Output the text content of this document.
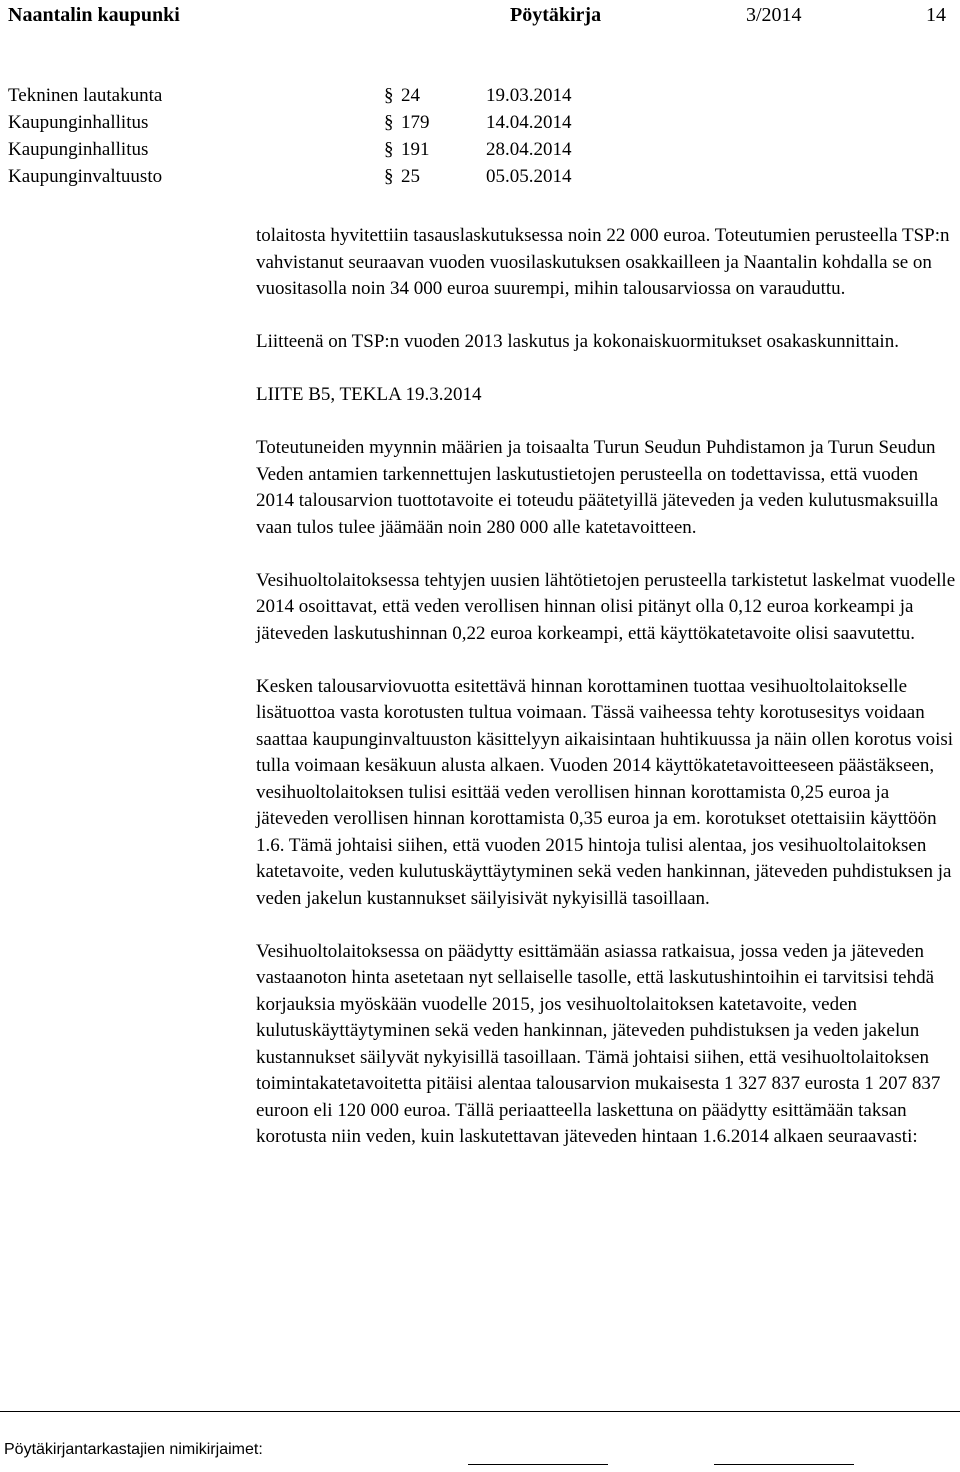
Naantalin kaupunki	Pöytäkirja	3/2014	14
Tekninen lautakunta	§ 24	19.03.2014
Kaupunginhallitus	§ 179	14.04.2014
Kaupunginhallitus	§ 191	28.04.2014
Kaupunginvaltuusto	§ 25	05.05.2014

tolaitosta hyvitettiin tasauslaskutuksessa noin 22 000 euroa. Toteutumien perusteella TSP:n vahvistanut seuraavan vuoden vuosilaskutuksen osakkailleen ja Naantalin kohdalla se on vuositasolla noin 34 000 euroa suurempi, mihin talousarviossa on varauduttu.

Liitteenä on TSP:n vuoden 2013 laskutus ja kokonaiskuormitukset osakaskunnittain.

LIITE B5, TEKLA 19.3.2014

Toteutuneiden myynnin määrien ja toisaalta Turun Seudun Puhdistamon ja Turun Seudun Veden antamien tarkennettujen laskutustietojen perusteella on todettavissa, että vuoden 2014 talousarvion tuottotavoite ei toteudu päätetyillä jäteveden ja veden kulutusmaksuilla vaan tulos tulee jäämään noin 280 000 alle katetavoitteen.

Vesihuoltolaitoksessa tehtyjen uusien lähtötietojen perusteella tarkistetut laskelmat vuodelle 2014 osoittavat, että veden verollisen hinnan olisi pitänyt olla 0,12 euroa korkeampi ja jäteveden laskutushinnan 0,22 euroa korkeampi, että käyttökatetavoite olisi saavutettu.

Kesken talousarviovuotta esitettävä hinnan korottaminen tuottaa vesihuoltolaitokselle lisätuottoa vasta korotusten tultua voimaan. Tässä vaiheessa tehty korotusesitys voidaan saattaa kaupunginvaltuuston käsittelyyn aikaisintaan huhtikuussa ja näin ollen korotus voisi tulla voimaan kesäkuun alusta alkaen. Vuoden 2014 käyttökatetavoitteeseen päästäkseen, vesihuoltolaitoksen tulisi esittää veden verollisen hinnan korottamista 0,25 euroa ja jäteveden verollisen hinnan korottamista 0,35 euroa ja em. korotukset otettaisiin käyttöön 1.6. Tämä johtaisi siihen, että vuoden 2015 hintoja tulisi alentaa, jos vesihuoltolaitoksen katetavoite, veden kulutuskäyttäytyminen sekä veden hankinnan, jäteveden puhdistuksen ja veden jakelun kustannukset säilyisivät nykyisillä tasoillaan.

Vesihuoltolaitoksessa on päädytty esittämään asiassa ratkaisua, jossa veden ja jäteveden vastaanoton hinta asetetaan nyt sellaiselle tasolle, että laskutushintoihin ei tarvitsisi tehdä korjauksia myöskään vuodelle 2015, jos vesihuoltolaitoksen katetavoite, veden kulutuskäyttäytyminen sekä veden hankinnan, jäteveden puhdistuksen ja veden jakelun kustannukset säilyvät nykyisillä tasoillaan. Tämä johtaisi siihen, että vesihuoltolaitoksen toimintakatetavoitetta pitäisi alentaa talousarvion mukaisesta 1 327 837 eurosta 1 207 837 euroon eli 120 000 euroa. Tällä periaatteella laskettuna on päädytty esittämään taksan korotusta niin veden, kuin laskutettavan jäteveden hintaan 1.6.2014 alkaen seuraavasti:

Pöytäkirjantarkastajien nimikirjaimet:
